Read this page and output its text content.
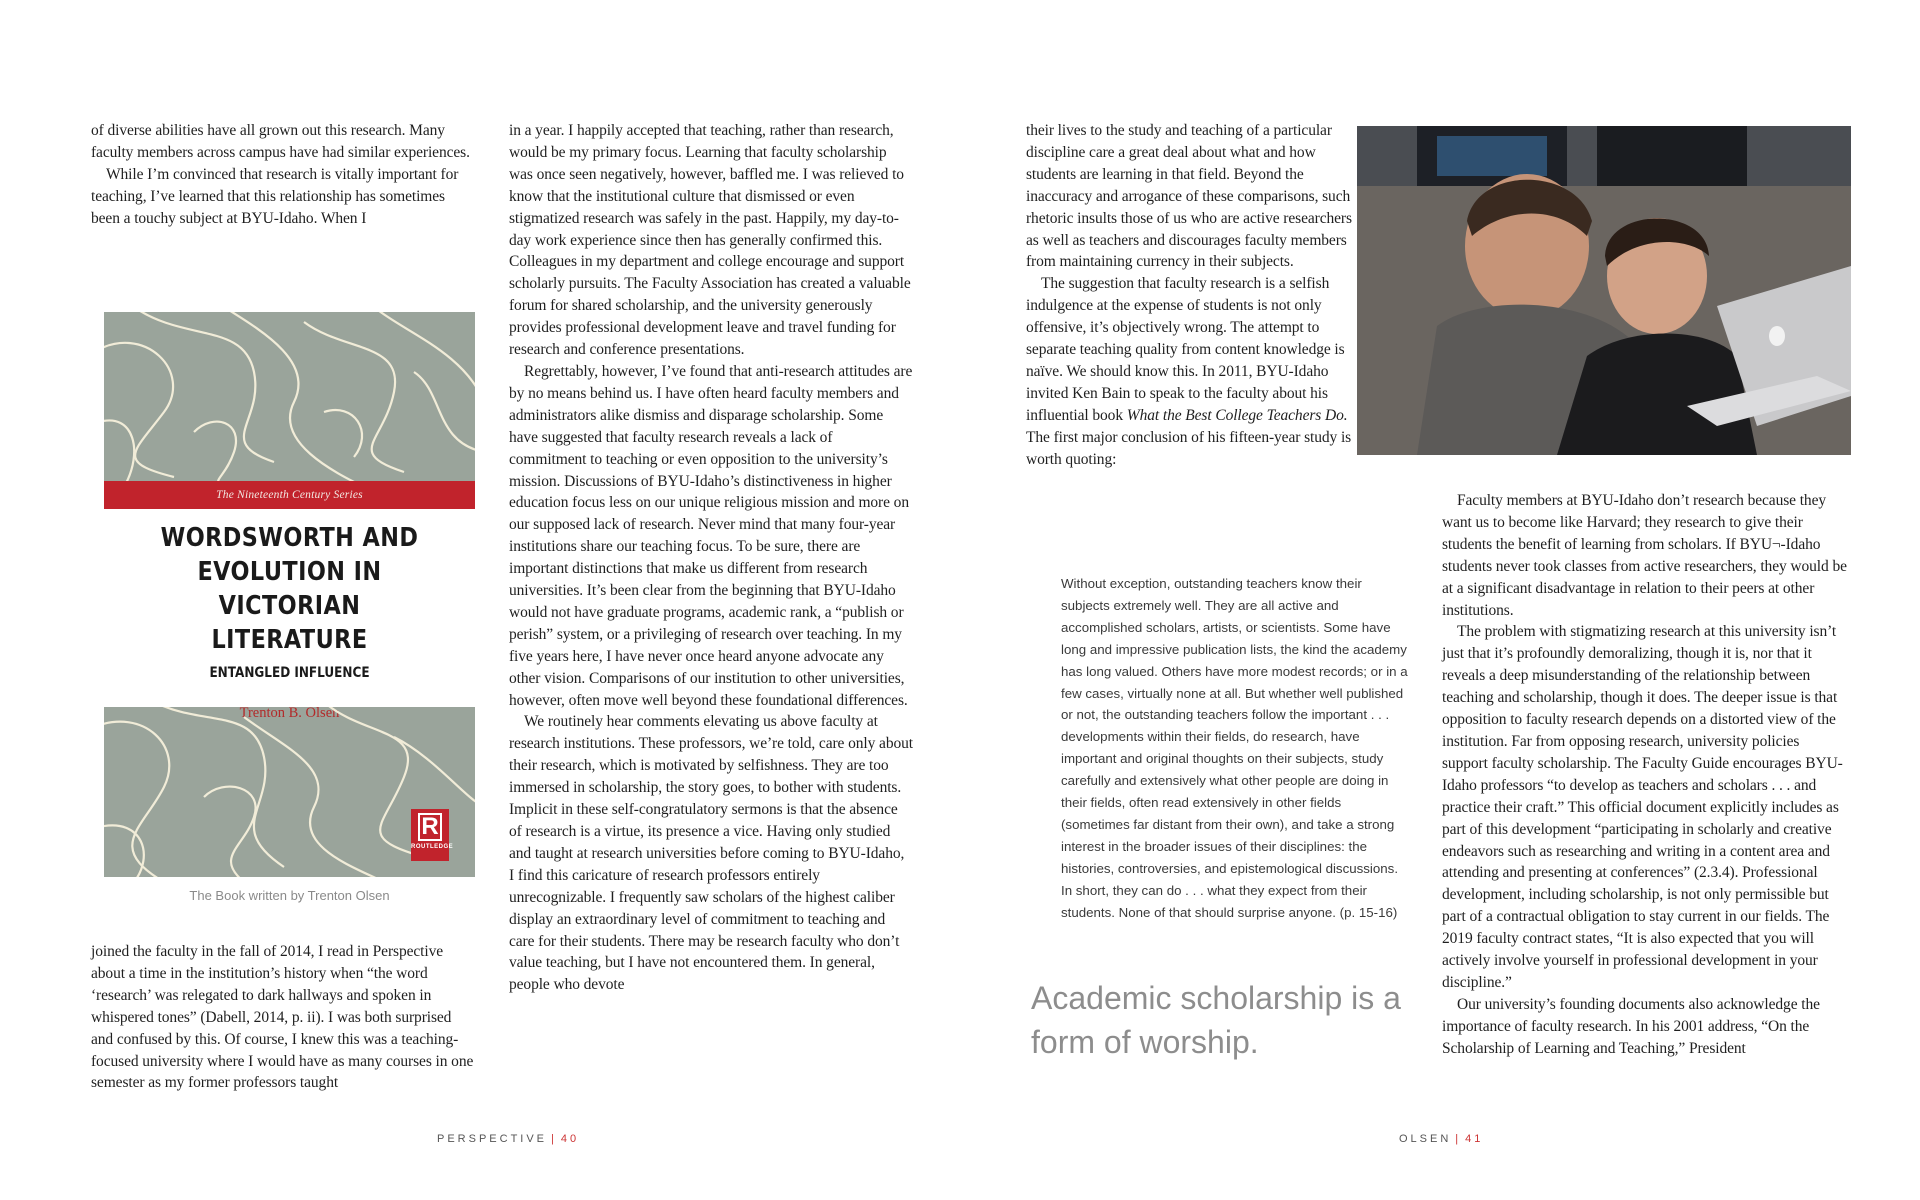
of diverse abilities have all grown out this research. Many faculty members across campus have had similar experiences.

While I’m convinced that research is vitally important for teaching, I’ve learned that this relationship has sometimes been a touchy subject at BYU-Idaho. When I

The Nineteenth Century Series
WORDSWORTH AND
EVOLUTION IN VICTORIAN
LITERATURE
ENTANGLED INFLUENCE
Trenton B. Olsen
R
ROUTLEDGE
The Book written by Trenton Olsen

joined the faculty in the fall of 2014, I read in Perspective about a time in the institution’s history when “the word ‘research’ was relegated to dark hallways and spoken in whispered tones” (Dabell, 2014, p. ii). I was both surprised and confused by this. Of course, I knew this was a teaching-focused university where I would have as many courses in one semester as my former professors taught

in a year. I happily accepted that teaching, rather than research, would be my primary focus. Learning that faculty scholarship was once seen negatively, however, baffled me. I was relieved to know that the institutional culture that dismissed or even stigmatized research was safely in the past. Happily, my day-to-day work experience since then has generally confirmed this. Colleagues in my department and college encourage and support scholarly pursuits. The Faculty Association has created a valuable forum for shared scholarship, and the university generously provides professional development leave and travel funding for research and conference presentations.

Regrettably, however, I’ve found that anti-research attitudes are by no means behind us. I have often heard faculty members and administrators alike dismiss and disparage scholarship. Some have suggested that faculty research reveals a lack of commitment to teaching or even opposition to the university’s mission. Discussions of BYU-Idaho’s distinctiveness in higher education focus less on our unique religious mission and more on our supposed lack of research. Never mind that many four-year institutions share our teaching focus. To be sure, there are important distinctions that make us different from research universities. It’s been clear from the beginning that BYU-Idaho would not have graduate programs, academic rank, a “publish or perish” system, or a privileging of research over teaching. In my five years here, I have never once heard anyone advocate any other vision. Comparisons of our institution to other universities, however, often move well beyond these foundational differences.

We routinely hear comments elevating us above faculty at research institutions. These professors, we’re told, care only about their research, which is motivated by selfishness. They are too immersed in scholarship, the story goes, to bother with students. Implicit in these self-congratulatory sermons is that the absence of research is a virtue, its presence a vice. Having only studied and taught at research universities before coming to BYU-Idaho, I find this caricature of research professors entirely unrecognizable. I frequently saw scholars of the highest caliber display an extraordinary level of commitment to teaching and care for their students. There may be research faculty who don’t value teaching, but I have not encountered them. In general, people who devote

their lives to the study and teaching of a particular discipline care a great deal about what and how students are learning in that field. Beyond the inaccuracy and arrogance of these comparisons, such rhetoric insults those of us who are active researchers as well as teachers and discourages faculty members from maintaining currency in their subjects.

The suggestion that faculty research is a selfish indulgence at the expense of students is not only offensive, it’s objectively wrong. The attempt to separate teaching quality from content knowledge is naïve. We should know this. In 2011, BYU-Idaho invited Ken Bain to speak to the faculty about his influential book What the Best College Teachers Do. The first major conclusion of his fifteen-year study is worth quoting:

Without exception, outstanding teachers know their subjects extremely well. They are all active and accomplished scholars, artists, or scientists. Some have long and impressive publication lists, the kind the academy has long valued. Others have more modest records; or in a few cases, virtually none at all. But whether well published or not, the outstanding teachers follow the important . . . developments within their fields, do research, have important and original thoughts on their subjects, study carefully and extensively what other people are doing in their fields, often read extensively in other fields (sometimes far distant from their own), and take a strong interest in the broader issues of their disciplines: the histories, controversies, and epistemological discussions. In short, they can do . . . what they expect from their students. None of that should surprise anyone. (p. 15-16)

Academic scholarship is a form of worship.

Faculty members at BYU-Idaho don’t research because they want us to become like Harvard; they research to give their students the benefit of learning from scholars. If BYU¬-Idaho students never took classes from active researchers, they would be at a significant disadvantage in relation to their peers at other institutions.

The problem with stigmatizing research at this university isn’t just that it’s profoundly demoralizing, though it is, nor that it reveals a deep misunderstanding of the relationship between teaching and scholarship, though it does. The deeper issue is that opposition to faculty research depends on a distorted view of the institution. Far from opposing research, university policies support faculty scholarship. The Faculty Guide encourages BYU-Idaho professors “to develop as teachers and scholars . . . and practice their craft.” This official document explicitly includes as part of this development “participating in scholarly and creative endeavors such as researching and writing in a content area and attending and presenting at conferences” (2.3.4). Professional development, including scholarship, is not only permissible but part of a contractual obligation to stay current in our fields. The 2019 faculty contract states, “It is also expected that you will actively involve yourself in professional development in your discipline.”

Our university’s founding documents also acknowledge the importance of faculty research. In his 2001 address, “On the Scholarship of Learning and Teaching,” President

PERSPECTIVE | 40	OLSEN | 41
